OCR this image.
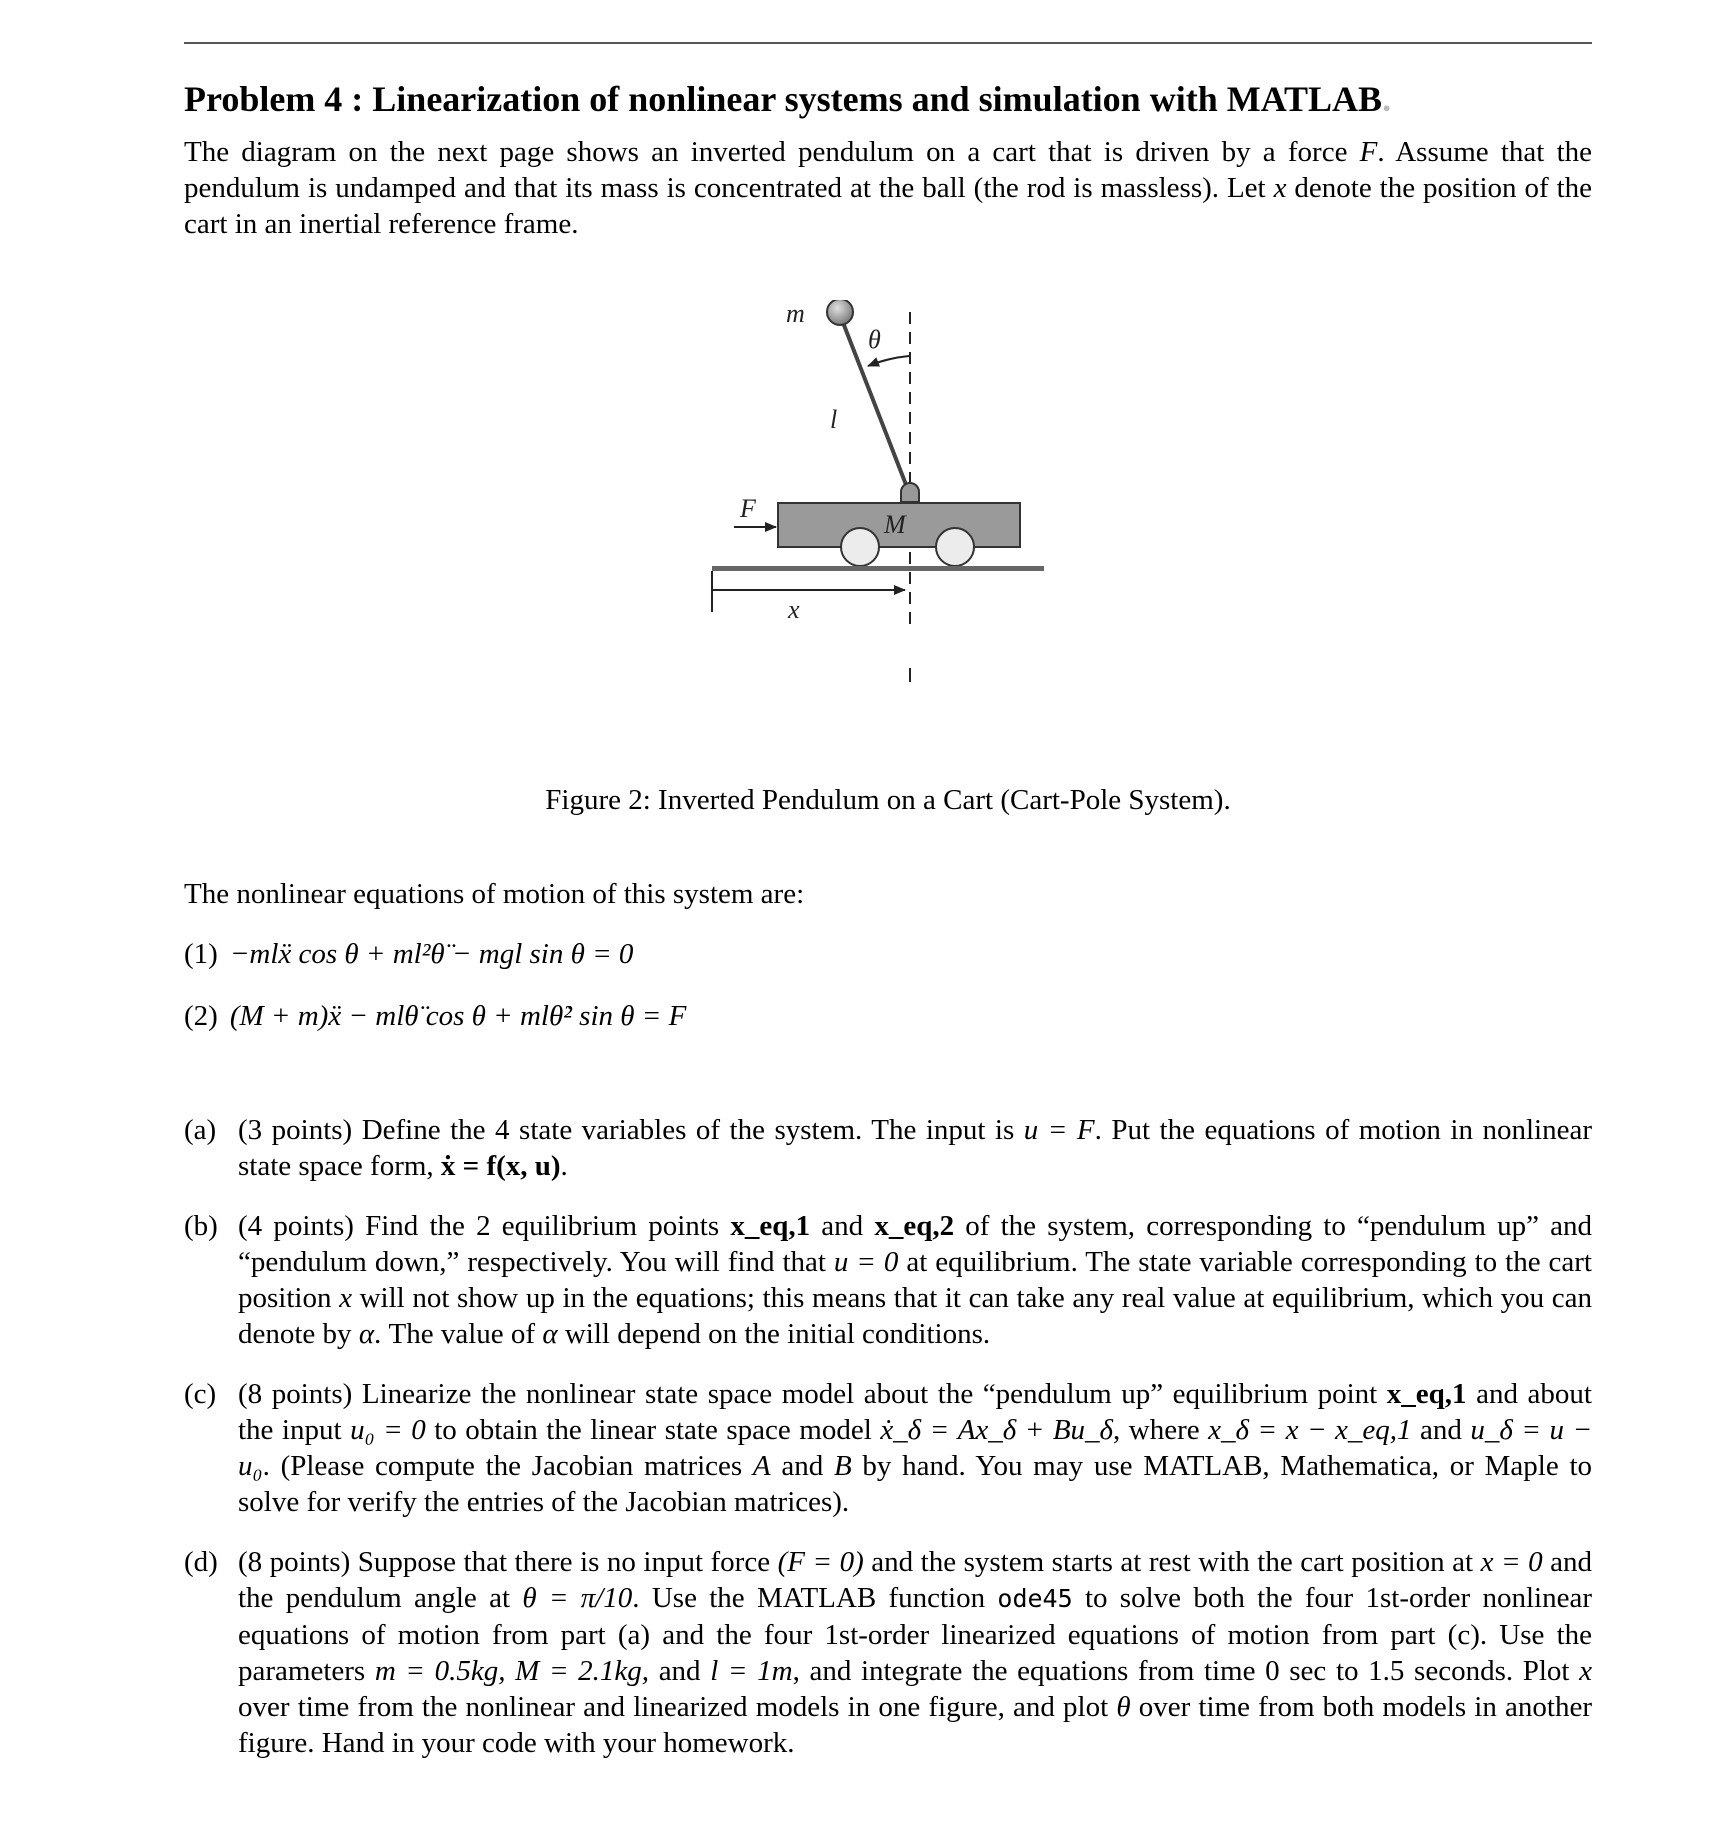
Problem 4 : Linearization of nonlinear systems and simulation with MATLAB.
The diagram on the next page shows an inverted pendulum on a cart that is driven by a force F. Assume that the pendulum is undamped and that its mass is concentrated at the ball (the rod is massless). Let x denote the position of the cart in an inertial reference frame.
m
θ
l
F
M
x
Figure 2: Inverted Pendulum on a Cart (Cart-Pole System).
The nonlinear equations of motion of this system are:
(1) −mlẍ cos θ + ml²θ̈ − mgl sin θ = 0
(2) (M + m)ẍ − mlθ̈ cos θ + mlθ̇² sin θ = F
(a) (3 points) Define the 4 state variables of the system. The input is u = F. Put the equations of motion in nonlinear state space form, ẋ = f(x, u).
(b) (4 points) Find the 2 equilibrium points x_eq,1 and x_eq,2 of the system, corresponding to “pendulum up” and “pendulum down,” respectively. You will find that u = 0 at equilibrium. The state variable corresponding to the cart position x will not show up in the equations; this means that it can take any real value at equilibrium, which you can denote by α. The value of α will depend on the initial conditions.
(c) (8 points) Linearize the nonlinear state space model about the “pendulum up” equilibrium point x_eq,1 and about the input u₀ = 0 to obtain the linear state space model ẋ_δ = Ax_δ + Bu_δ, where x_δ = x − x_eq,1 and u_δ = u − u₀. (Please compute the Jacobian matrices A and B by hand. You may use MATLAB, Mathematica, or Maple to solve for verify the entries of the Jacobian matrices).
(d) (8 points) Suppose that there is no input force (F = 0) and the system starts at rest with the cart position at x = 0 and the pendulum angle at θ = π/10. Use the MATLAB function ode45 to solve both the four 1st-order nonlinear equations of motion from part (a) and the four 1st-order linearized equations of motion from part (c). Use the parameters m = 0.5kg, M = 2.1kg, and l = 1m, and integrate the equations from time 0 sec to 1.5 seconds. Plot x over time from the nonlinear and linearized models in one figure, and plot θ over time from both models in another figure. Hand in your code with your homework.
